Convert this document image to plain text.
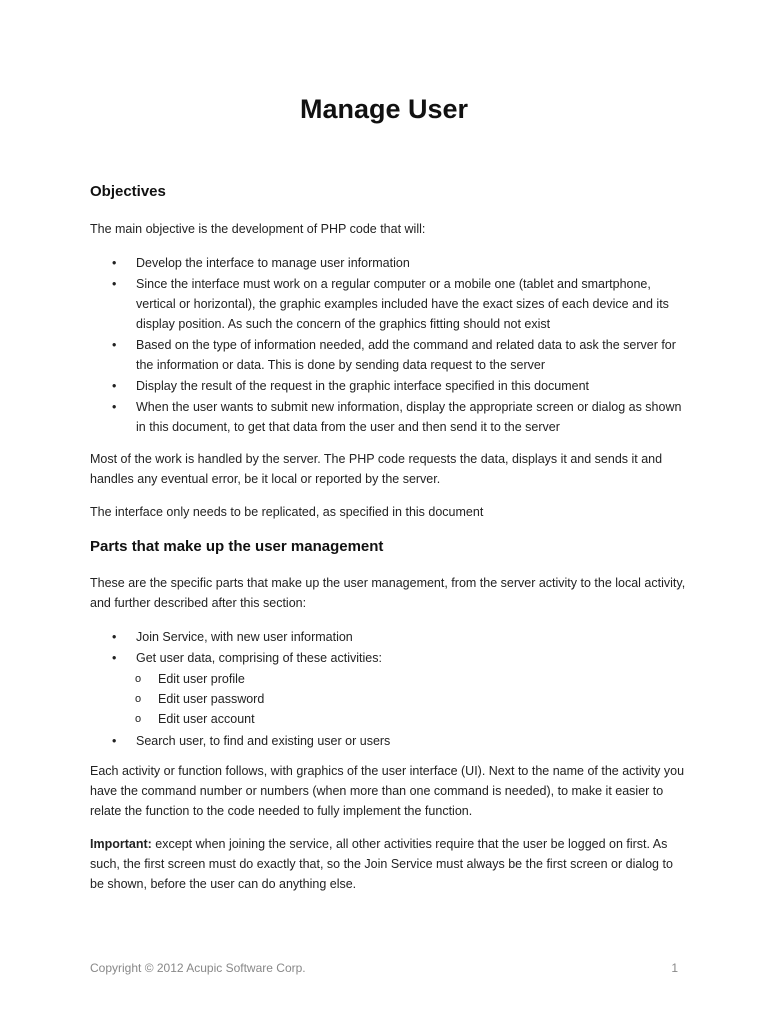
Manage User
Objectives
The main objective is the development of PHP code that will:
• Develop the interface to manage user information
• Since the interface must work on a regular computer or a mobile one (tablet and smartphone, vertical or horizontal), the graphic examples included have the exact sizes of each device and its display position. As such the concern of the graphics fitting should not exist
• Based on the type of information needed, add the command and related data to ask the server for the information or data. This is done by sending data request to the server
• Display the result of the request in the graphic interface specified in this document
• When the user wants to submit new information, display the appropriate screen or dialog as shown in this document, to get that data from the user and then send it to the server
Most of the work is handled by the server. The PHP code requests the data, displays it and sends it and handles any eventual error, be it local or reported by the server.
The interface only needs to be replicated, as specified in this document
Parts that make up the user management
These are the specific parts that make up the user management, from the server activity to the local activity, and further described after this section:
• Join Service, with new user information
• Get user data, comprising of these activities:
o Edit user profile
o Edit user password
o Edit user account
• Search user, to find and existing user or users
Each activity or function follows, with graphics of the user interface (UI). Next to the name of the activity you have the command number or numbers (when more than one command is needed), to make it easier to relate the function to the code needed to fully implement the function.
Important: except when joining the service, all other activities require that the user be logged on first. As such, the first screen must do exactly that, so the Join Service must always be the first screen or dialog to be shown, before the user can do anything else.
Copyright © 2012 Acupic Software Corp.	1
